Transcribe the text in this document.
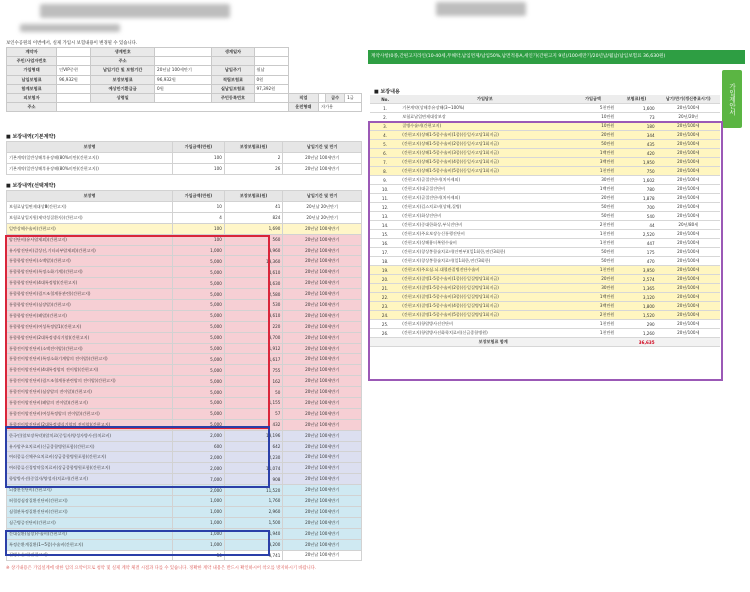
보인수공원의 이번에서, 실제 가입시 보험내용이 변경될 수 있습니다.
계약자		생계번호		생계일자					
주민/사업자번호		주소							
가입형태	인VIP중현	납입기간 및 보험기간	20년납 100세만기	납입주기	월납				
납입보험료	96,932원	보장보험료	96,932원	적립보험료	0원				
합계보험료		예상만기환급금	0원	실납입보험료	97,392원				
피보험자		상령일		주민등록번호		직업		급수	1급
주소						운전형태	자가용		
■ 보장내역(기본계약)
보장명	가입금액(만원)	보장보험료(원)	납입기간 및 만기
기본계약(일반상해후유장해(80%미만)(간편고지))	100	2	20년납 100세만기
기본계약(일반상해후유장해(80%미만)(간편고지))	100	26	20년납 100세만기
■ 보장내역(선택계약)
보장명	가입금액(만원)	보장보험료(원)	납입기간 및 만기
보험료납입면제대상Ⅲ(간편고지)	10	41	20년납 20년만기
보험료납입지원(제약성질환자)(간편고지)	4	824	20년납 20년만기
일반상해수술비(간편고지)	100	1,690	20년납 100세만기
암진단비(유사암제외)(간편고지)	100	560	20년납 100세만기
유사암진단비(갑상선,기타피부암제외)(간편고지)	1,000	3,960	20년납 100세만기
통합항암진단비(소액암)(간편고지)	5,000	13,360	20년납 100세만기
통합항암진단비(특정소화기계)(간편고지)	5,000	4,610	20년납 100세만기
통합항암진단비(4대특정암)(간편고지)	5,000	4,630	20년납 100세만기
통합항암진단비(림프조혈계통관련)(간편고지)	5,000	2,580	20년납 100세만기
통합항암진단비(심장암)(간편고지)	5,000	530	20년납 100세만기
통합항암진단비(폐암)(간편고지)	5,000	3,610	20년납 100세만기
통합항암진단비(여성특정암1)(간편고지)	5,000	220	20년납 100세만기
통합항암진단비(2대특정생식기암)(간편고지)	5,000	3,700	20년납 100세만기
통합전이암진단비(소액전이암)(간편고지)	5,000	1,912	20년납 100세만기
통합전이암진단비(특정소화기계암의 전이암)(간편고지)	5,000	1,617	20년납 100세만기
통합전이암진단비(4대특정암의 전이암)(간편고지)	5,000	755	20년납 100세만기
통합전이암진단비(림프조혈계통관련암의 전이암)(간편고지)	5,000	162	20년납 100세만기
통합전이암진단비(심장암의 전이암)(간편고지)	5,000	50	20년납 100세만기
통합전이암진단비(폐암의 전이암)(간편고지)	5,000	1,155	20년납 100세만기
통합전이암진단비(여성특정암의 전이암)(간편고지)	5,000	57	20년납 100세만기
통합전이암진단비(2대특정생식기암의 전이암)(간편고지)	5,000	432	20년납 100세만기
한국인(암보장특약)(암치료(중입자/양성자방사선)치료비)	2,000	13,196	20년납 100세만기
유사암주요치료비(신급종합병원포함)(간편고지)	600	642	20년납 100세만기
여러종류신체주요치료비(상급종합병원포함)(간편고지)	2,000	2,230	20년납 100세만기
여러종류신경망약물치료비(상급종합병원포함)(간편고지)	2,000	11,074	20년납 100세만기
항암방사선(중입자/양성자)치료비(간편고지)	7,000	908	20년납 100세만기
뇌출관진단비(간편고지)	2,000	11,520	20년납 100세만기
허혈성심장질환진단비(간편고지)	1,000	1,760	20년납 100세만기
심혈관특정질환진단비(간편고지)	1,000	2,960	20년납 100세만기
심근병증진단비(간편고지)	1,000	1,500	20년납 100세만기
간대질환(심장)수술비(간편고지)	1,000	1,940	20년납 100세만기
특정순환계질환(1~5종)수술비(간편고지)	1,000	3,200	20년납 100세만기
질병수술비(간편고지)	30	3,741	20년납 100세만기
※ 상기내용은 가입설계에 대한 임의 요약이므로 청약 및 실제 계약 체결 시점과 다를 수 있습니다. 정확한 계약 내용은 반드시 확인하시어 착오를 방지하시기 바랍니다.
계약사항(0종,간편고지라인(10-40세,무해약,납입면제/납입50%,납면적용A,세인가(간편고지 9년)/100세만기/20년납/월납/납입보험료 36,630원)
가입제안서
■ 보장내용
No.	가입담보	가입금액	보험료(원)	납기/만기(갱신종료시기)
1.	기본계약(상해후유장해(3~100%)	5천만원	1,600	20년/100세
2.	보험료납입면제대상보장	10만원	73	20년/20년
3.	질병수술비(간편고지)	10만원	180	20년/100세
4.	(간편고지)상해1-5종수술비(1종)(동일사고당1회지급)	20만원	344	20년/100세
5.	(간편고지)상해1-5종수술비(2종)(동일사고당1회지급)	50만원	435	20년/100세
6.	(간편고지)상해1-5종수술비(3종)(동일사고당1회지급)	1백만원	420	20년/100세
7.	(간편고지)상해1-5종수술비(4종)(동일사고당1회지급)	3백만원	1,950	20년/100세
8.	(간편고지)상해1-5종수술비(5종)(동일사고당1회지급)	1천만원	750	20년/100세
9.	(간편고지)골절진단비(치아제외)	30만원	1,602	20년/100세
10.	(간편고지)대골절진단비	1백만원	780	20년/100세
11.	(간편고지)골절진단비(치아제외)	20만원	1,878	20년/100세
12.	(간편고지)깁스치료비(상해,질병)	50만원	700	20년/100세
13.	(간편고지)화상진단비	50만원	540	20년/100세
14.	(간편고지)중대한화상,부식진단비	2천만원	44	20년/80세
15.	(간편고지)주요보장농신통행진단비	1천만원	2,520	20년/100세
16.	(간편고지)상해흉터복원수술비	1천만원	447	20년/100세
17.	(간편고지)창상봉합술치료비(안면부)(일1회한,연간3회한)	50만원	175	20년/100세
18.	(간편고지)창상봉합술치료비(일1회한,연간3회한)	50만원	470	20년/100세
19.	(간편고지)주요심.뇌.대혈관질병진단수술비	1천만원	3,950	20년/100세
20.	(간편고지)질병1-5종수술비(1종)(동일질병당1회지급)	20만원	2,574	20년/100세
21.	(간편고지)질병1-5종수술비(2종)(동일질병당1회지급)	30만원	1,365	20년/100세
22.	(간편고지)질병1-5종수술비(3종)(동일질병당1회지급)	1백만원	3,120	20년/100세
23.	(간편고지)질병1-5종수술비(4종)(동일질병당1회지급)	3백만원	1,800	20년/100세
24.	(간편고지)질병1-5종수술비(5종)(동일질병당1회지급)	2천만원	1,520	20년/100세
25.	(간편고지)항암방사선진단비	1천만원	290	20년/100세
26.	(간편고지)항암방사선화학치료비(신급종합병원)	1천만원	1,260	20년/100세
보장보험료 합계			36,635	
